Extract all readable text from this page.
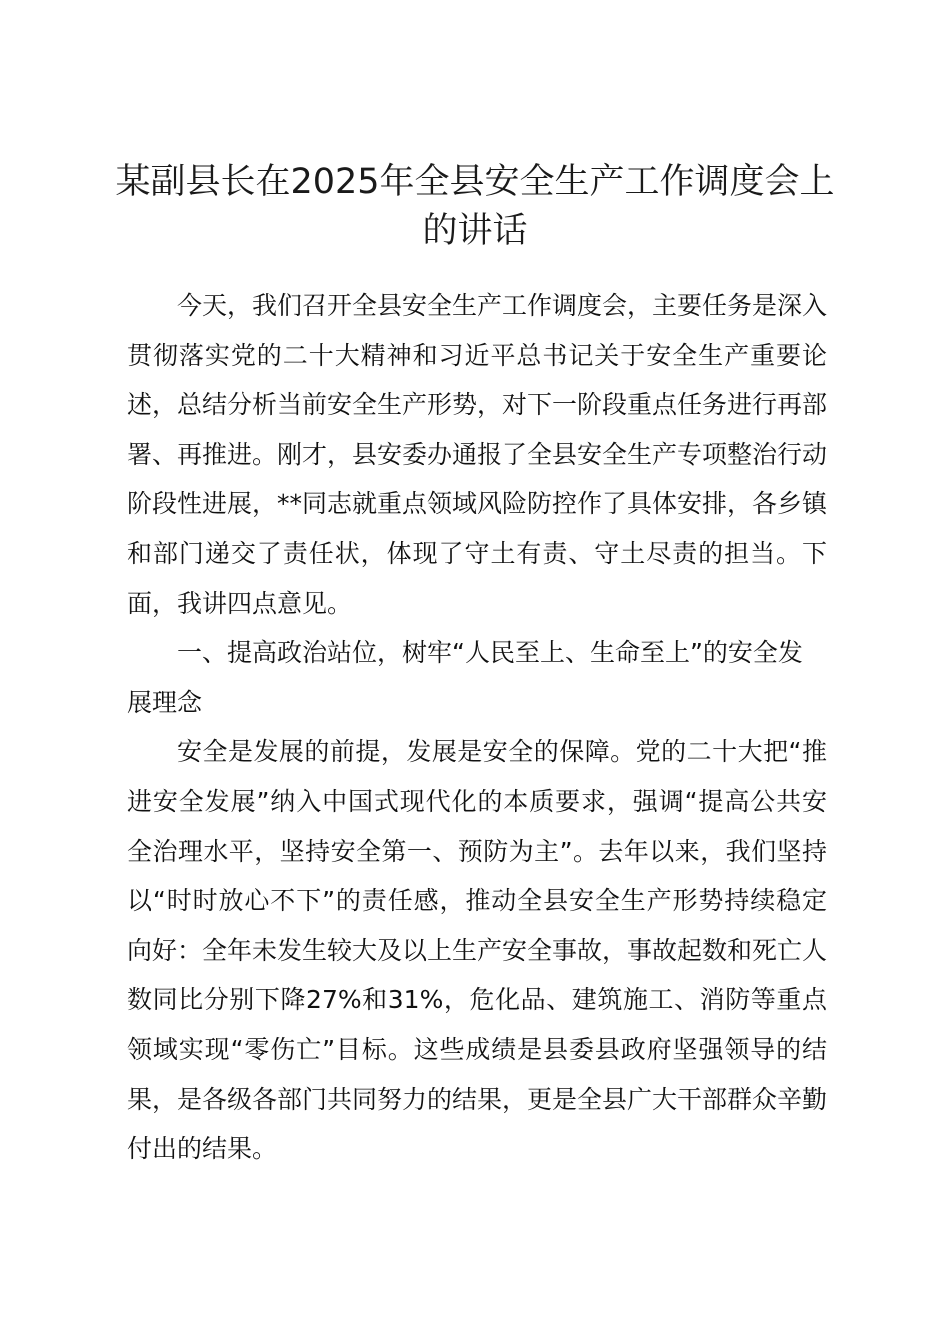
某副县长在2025年全县安全生产工作调度会上的讲话

今天，我们召开全县安全生产工作调度会，主要任务是深入贯彻落实党的二十大精神和习近平总书记关于安全生产重要论述，总结分析当前安全生产形势，对下一阶段重点任务进行再部署、再推进。刚才，县安委办通报了全县安全生产专项整治行动阶段性进展，**同志就重点领域风险防控作了具体安排，各乡镇和部门递交了责任状，体现了守土有责、守土尽责的担当。下面，我讲四点意见。

一、提高政治站位，树牢“人民至上、生命至上”的安全发展理念

安全是发展的前提，发展是安全的保障。党的二十大把“推进安全发展”纳入中国式现代化的本质要求，强调“提高公共安全治理水平，坚持安全第一、预防为主”。去年以来，我们坚持以“时时放心不下”的责任感，推动全县安全生产形势持续稳定向好：全年未发生较大及以上生产安全事故，事故起数和死亡人数同比分别下降27%和31%，危化品、建筑施工、消防等重点领域实现“零伤亡”目标。这些成绩是县委县政府坚强领导的结果，是各级各部门共同努力的结果，更是全县广大干部群众辛勤付出的结果。
